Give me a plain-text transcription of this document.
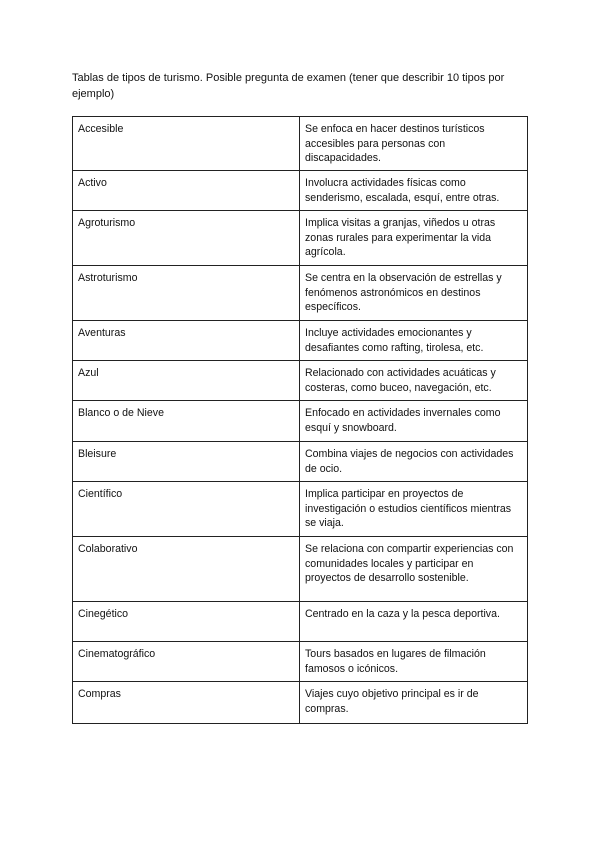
Tablas de tipos de turismo. Posible pregunta de examen (tener que describir 10 tipos por ejemplo)
Accesible	Se enfoca en hacer destinos turísticos accesibles para personas con discapacidades.
Activo	Involucra actividades físicas como senderismo, escalada, esquí, entre otras.
Agroturismo	Implica visitas a granjas, viñedos u otras zonas rurales para experimentar la vida agrícola.
Astroturismo	Se centra en la observación de estrellas y fenómenos astronómicos en destinos específicos.
Aventuras	Incluye actividades emocionantes y desafiantes como rafting, tirolesa, etc.
Azul	Relacionado con actividades acuáticas y costeras, como buceo, navegación, etc.
Blanco o de Nieve	Enfocado en actividades invernales como esquí y snowboard.
Bleisure	Combina viajes de negocios con actividades de ocio.
Científico	Implica participar en proyectos de investigación o estudios científicos mientras se viaja.
Colaborativo	Se relaciona con compartir experiencias con comunidades locales y participar en proyectos de desarrollo sostenible.
Cinegético	Centrado en la caza y la pesca deportiva.
Cinematográfico	Tours basados en lugares de filmación famosos o icónicos.
Compras	Viajes cuyo objetivo principal es ir de compras.
